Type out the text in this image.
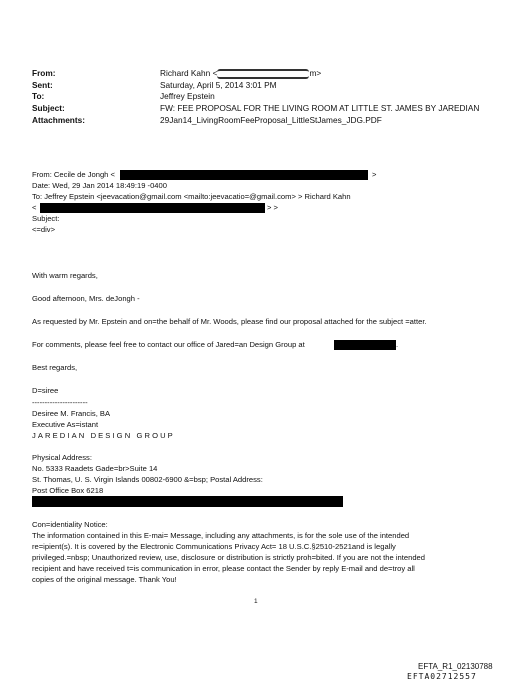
From:	Richard Kahn <	m>
Sent:	Saturday, April 5, 2014 3:01 PM
To:	Jeffrey Epstein
Subject:	FW: FEE PROPOSAL FOR THE LIVING ROOM AT LITTLE ST. JAMES BY JAREDIAN
Attachments:	29Jan14_LivingRoomFeeProposal_LittleStJames_JDG.PDF
From: Cecile de Jongh <	>
Date: Wed, 29 Jan 2014 18:49:19 -0400
To: Jeffrey Epstein <jeevacation@gmail.com <mailto:jeevacatio=@gmail.com> > Richard Kahn
<	> >
Subject:
<=div>
With warm regards,
Good afternoon, Mrs. deJongh -
As requested by Mr. Epstein and on=the behalf of Mr. Woods, please find our proposal attached for the subject =atter.
For comments, please feel free to contact our office of Jared=an Design Group at	.
Best regards,
D=siree
----------------------
Desiree M. Francis, BA
Executive As=istant
JAREDIAN DESIGN GROUP
Physical Address:
No. 5333 Raadets Gade=br>Suite 14
St. Thomas, U. S. Virgin Islands 00802-6900 &=bsp; Postal Address:
Post Office Box 6218
Con=identiality Notice:
The information contained in this E-mai= Message, including any attachments, is for the sole use of the intended
re=ipient(s). It is covered by the Electronic Communications Privacy Act= 18 U.S.C.§2510-2521and is legally
privileged.=nbsp; Unauthorized review, use, disclosure or distribution is strictly proh=bited. If you are not the intended
recipient and have received t=is communication in error, please contact the Sender by reply E-mail and de=troy all
copies of the original message. Thank You!
1
EFTA_R1_02130788
EFTA02712557
